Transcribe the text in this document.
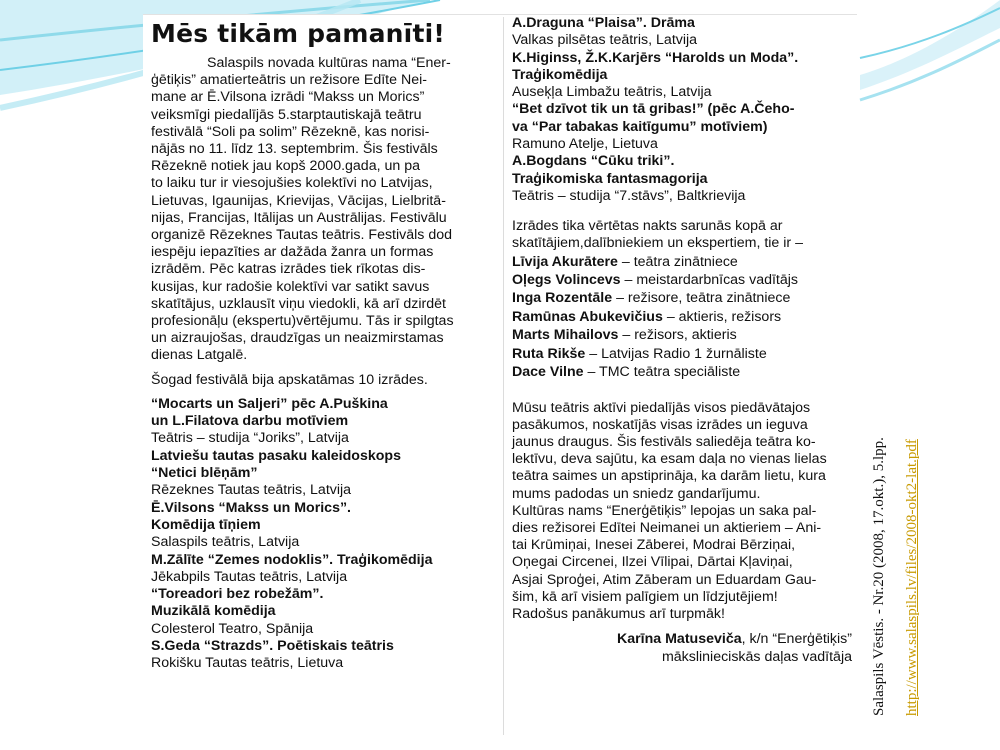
Mēs tikām pamanīti!
Salaspils novada kultūras nama “Ener-
ģētiķis” amatierteātris un režisore Edīte Nei-
mane ar Ē.Vilsona izrādi “Makss un Morics”
veiksmīgi piedalījās 5.starptautiskajā teātru
festivālā “Soli pa solim” Rēzeknē, kas norisi-
nājās no 11. līdz 13. septembrim. Šis festivāls
Rēzeknē notiek jau kopš 2000.gada, un pa
to laiku tur ir viesojušies kolektīvi no Latvijas,
Lietuvas, Igaunijas, Krievijas, Vācijas, Lielbritā-
nijas, Francijas, Itālijas un Austrālijas. Festivālu
organizē Rēzeknes Tautas teātris. Festivāls dod
iespēju iepazīties ar dažāda žanra un formas
izrādēm. Pēc katras izrādes tiek rīkotas dis-
kusijas, kur radošie kolektīvi var satikt savus
skatītājus, uzklausīt viņu viedokli, kā arī dzirdēt
profesionāļu (ekspertu)vērtējumu. Tās ir spilgtas
un aizraujošas, draudzīgas un neaizmirstamas
dienas Latgalē.
Šogad festivālā bija apskatāmas 10 izrādes.
“Mocarts un Saljeri” pēc A.Puškina
un L.Filatova darbu motīviem
Teātris – studija “Joriks”, Latvija
Latviešu tautas pasaku kaleidoskops
“Netici blēņām”
Rēzeknes Tautas teātris, Latvija
Ē.Vilsons “Makss un Morics”.
Komēdija tīņiem
Salaspils teātris, Latvija
M.Zālīte “Zemes nodoklis”. Traģikomēdija
Jēkabpils Tautas teātris, Latvija
“Toreadori bez robežām”.
Muzikālā komēdija
Colesterol Teatro, Spānija
S.Geda “Strazds”. Poētiskais teātris
Rokišku Tautas teātris, Lietuva
A.Draguna “Plaisa”. Drāma
Valkas pilsētas teātris, Latvija
K.Higinss, Ž.K.Karjērs “Harolds un Moda”.
Traģikomēdija
Auseķļa Limbažu teātris, Latvija
“Bet dzīvot tik un tā gribas!” (pēc A.Čeho-
va “Par tabakas kaitīgumu” motīviem)
Ramuno Atelje, Lietuva
A.Bogdans “Cūku triki”.
Traģikomiska fantasmagorija
Teātris – studija “7.stāvs”, Baltkrievija
Izrādes tika vērtētas nakts sarunās kopā ar
skatītājiem,dalībniekiem un ekspertiem, tie ir –
Līvija Akurātere – teātra zinātniece
Oļegs Volincevs – meistardarbnīcas vadītājs
Inga Rozentāle – režisore, teātra zinātniece
Ramūnas Abukevičius – aktieris, režisors
Marts Mihailovs – režisors, aktieris
Ruta Rikše – Latvijas Radio 1 žurnāliste
Dace Vilne – TMC teātra speciāliste
Mūsu teātris aktīvi piedalījās visos piedāvātajos
pasākumos, noskatījās visas izrādes un ieguva
jaunus draugus. Šis festivāls saliedēja teātra ko-
lektīvu, deva sajūtu, ka esam daļa no vienas lielas
teātra saimes un apstiprināja, ka darām lietu, kura
mums padodas un sniedz gandarījumu.
Kultūras nams “Enerģētiķis” lepojas un saka pal-
dies režisorei Edītei Neimanei un aktieriem – Ani-
tai Krūmiņai, Inesei Zāberei, Modrai Bērziņai,
Oņegai Circenei, Ilzei Vīlipai, Dārtai Kļaviņai,
Asjai Sproģei, Atim Zāberam un Eduardam Gau-
šim, kā arī visiem palīgiem un līdzjutējiem!
Radošus panākumus arī turpmāk!
Karīna Matuseviča, k/n “Enerģētiķis”
mākslinieciskās daļas vadītāja Salaspils Vēstis. - Nr.20 (2008, 17.okt.), 5.lpp. http://www.salaspils.lv/files/2008-okt2-lat.pdf
